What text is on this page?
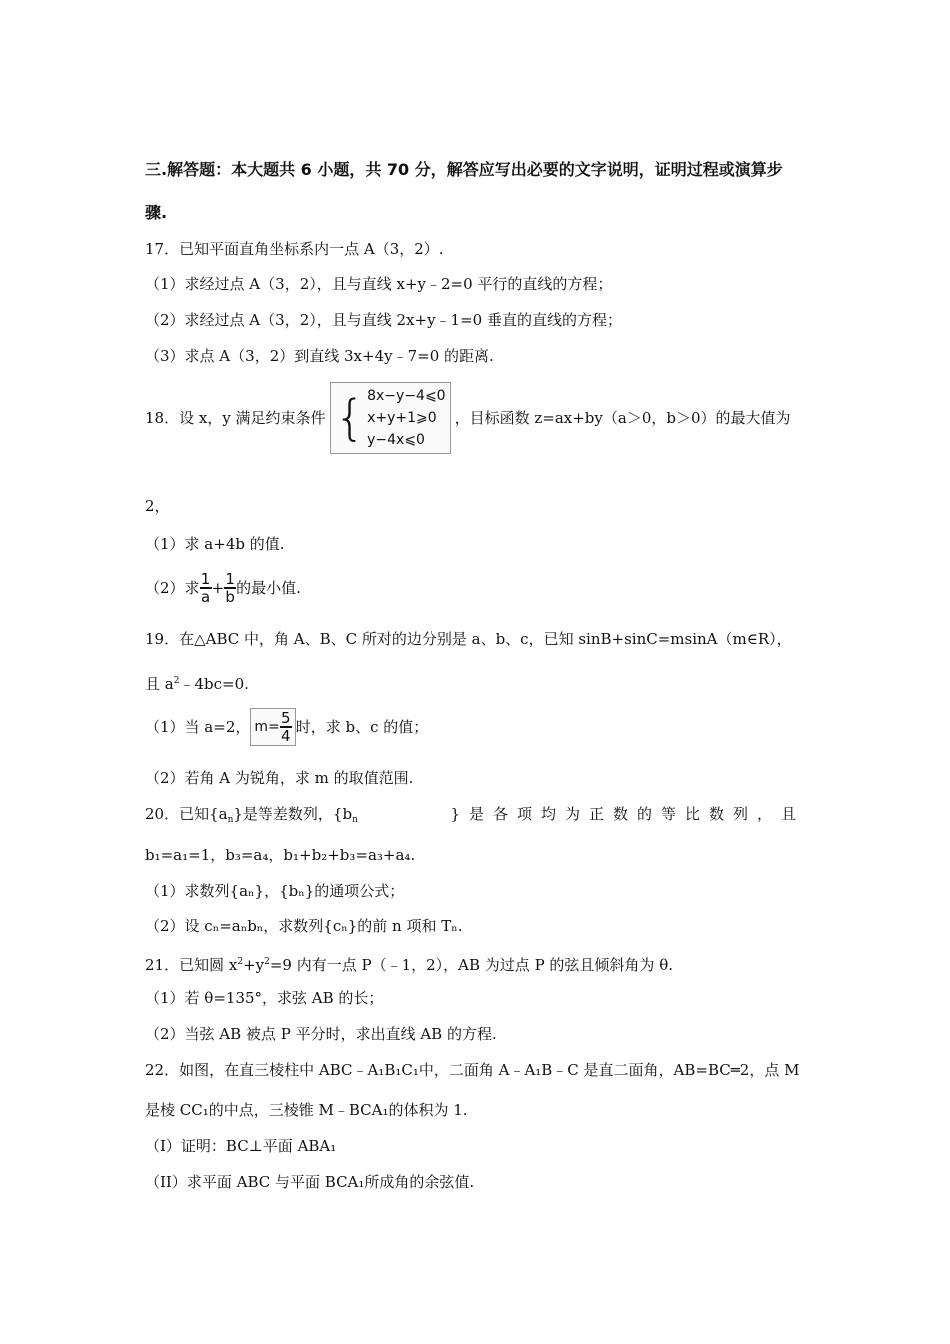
三.解答题：本大题共 6 小题，共 70 分，解答应写出必要的文字说明，证明过程或演算步
骤.
17．已知平面直角坐标系内一点 A（3，2）.
（1）求经过点 A（3，2），且与直线 x+y﹣2=0 平行的直线的方程；
（2）求经过点 A（3，2），且与直线 2x+y﹣1=0 垂直的直线的方程；
（3）求点 A（3，2）到直线 3x+4y﹣7=0 的距离.
18．设 x，y 满足约束条件 { 8x−y−4⩽0
x+y+1⩾0
y−4x⩽0
，目标函数 z=ax+by（a＞0，b＞0）的最大值为
2，
（1）求 a+4b 的值.
（2）求 $\frac{1}{a} + \frac{1}{b}$ 的最小值.
19．在△ABC 中，角 A、B、C 所对的边分别是 a、b、c，已知 sinB+sinC=msinA（m∈R），
且 $a^2﹣4bc=0$.
（1）当 a=2， $m= \frac{5}{4}$ 时，求 b、c 的值；
（2）若角 A 为锐角，求 m 的取值范围.
20．已知$\{a_n\}$是等差数列，{$b_n$	}是各项均为正数的等比数列，且
b₁=a₁=1，b₃=a₄，b₁+b₂+b₃=a₃+a₄.
（1）求数列{aₙ}，{bₙ}的通项公式；
（2）设 cₙ=aₙbₙ，求数列{cₙ}的前 n 项和 Tₙ.
21．已知圆 $x^2+y^2=9$ 内有一点 P（﹣1，2），AB 为过点 P 的弦且倾斜角为 θ.
（1）若 θ=135°，求弦 AB 的长；
（2）当弦 AB 被点 P 平分时，求出直线 AB 的方程.
22．如图，在直三棱柱中 ABC﹣A₁B₁C₁中，二面角 A﹣A₁B﹣C 是直二面角，AB=BC═2，点 M
是棱 CC₁的中点，三棱锥 M﹣BCA₁的体积为 1.
（Ⅰ）证明：BC⊥平面 ABA₁
（II）求平面 ABC 与平面 BCA₁所成角的余弦值.
